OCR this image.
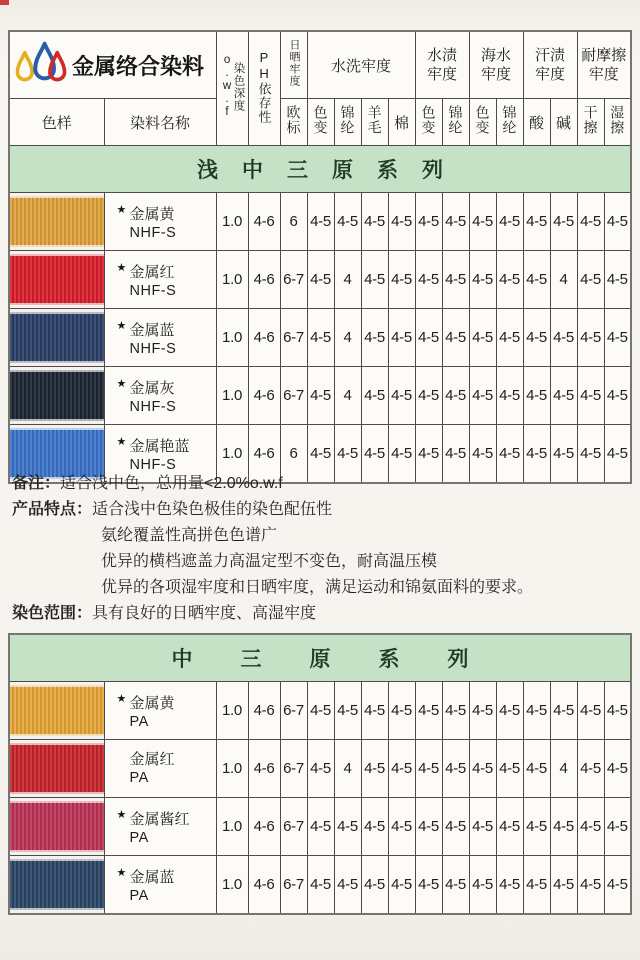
金属络合染料		染色深度o.w.f	PH依存性	日晒牢度	水洗牢度				水渍牢度		海水牢度		汗渍牢度		耐摩擦牢度	
色样	染料名称			欧标	色变	锦纶	羊毛	棉	色变	锦纶	色变	锦纶	酸	碱	干擦	湿擦
浅中三原系列																

	★ 金属黄
NHF-S	1.0	4-6	6	4-5	4-5	4-5	4-5	4-5	4-5	4-5	4-5	4-5	4-5	4-5	4-5

	★ 金属红
NHF-S	1.0	4-6	6-7	4-5	4	4-5	4-5	4-5	4-5	4-5	4-5	4-5	4	4-5	4-5

	★ 金属蓝
NHF-S	1.0	4-6	6-7	4-5	4	4-5	4-5	4-5	4-5	4-5	4-5	4-5	4-5	4-5	4-5

	★ 金属灰
NHF-S	1.0	4-6	6-7	4-5	4	4-5	4-5	4-5	4-5	4-5	4-5	4-5	4-5	4-5	4-5

	★ 金属艳蓝
NHF-S	1.0	4-6	6	4-5	4-5	4-5	4-5	4-5	4-5	4-5	4-5	4-5	4-5	4-5	4-5
备注：适合浅中色，总用量<2.0%o.w.f
产品特点：适合浅中色染色极佳的染色配伍性
氨纶覆盖性高拼色色谱广
优异的横档遮盖力高温定型不变色，耐高温压模
优异的各项湿牢度和日晒牢度，满足运动和锦氨面料的要求。
染色范围：具有良好的日晒牢度、高湿牢度
中三原系列																

	★ 金属黄
PA	1.0	4-6	6-7	4-5	4-5	4-5	4-5	4-5	4-5	4-5	4-5	4-5	4-5	4-5	4-5

	金属红
PA	1.0	4-6	6-7	4-5	4	4-5	4-5	4-5	4-5	4-5	4-5	4-5	4	4-5	4-5

	★ 金属酱红
PA	1.0	4-6	6-7	4-5	4-5	4-5	4-5	4-5	4-5	4-5	4-5	4-5	4-5	4-5	4-5

	★ 金属蓝
PA	1.0	4-6	6-7	4-5	4-5	4-5	4-5	4-5	4-5	4-5	4-5	4-5	4-5	4-5	4-5
